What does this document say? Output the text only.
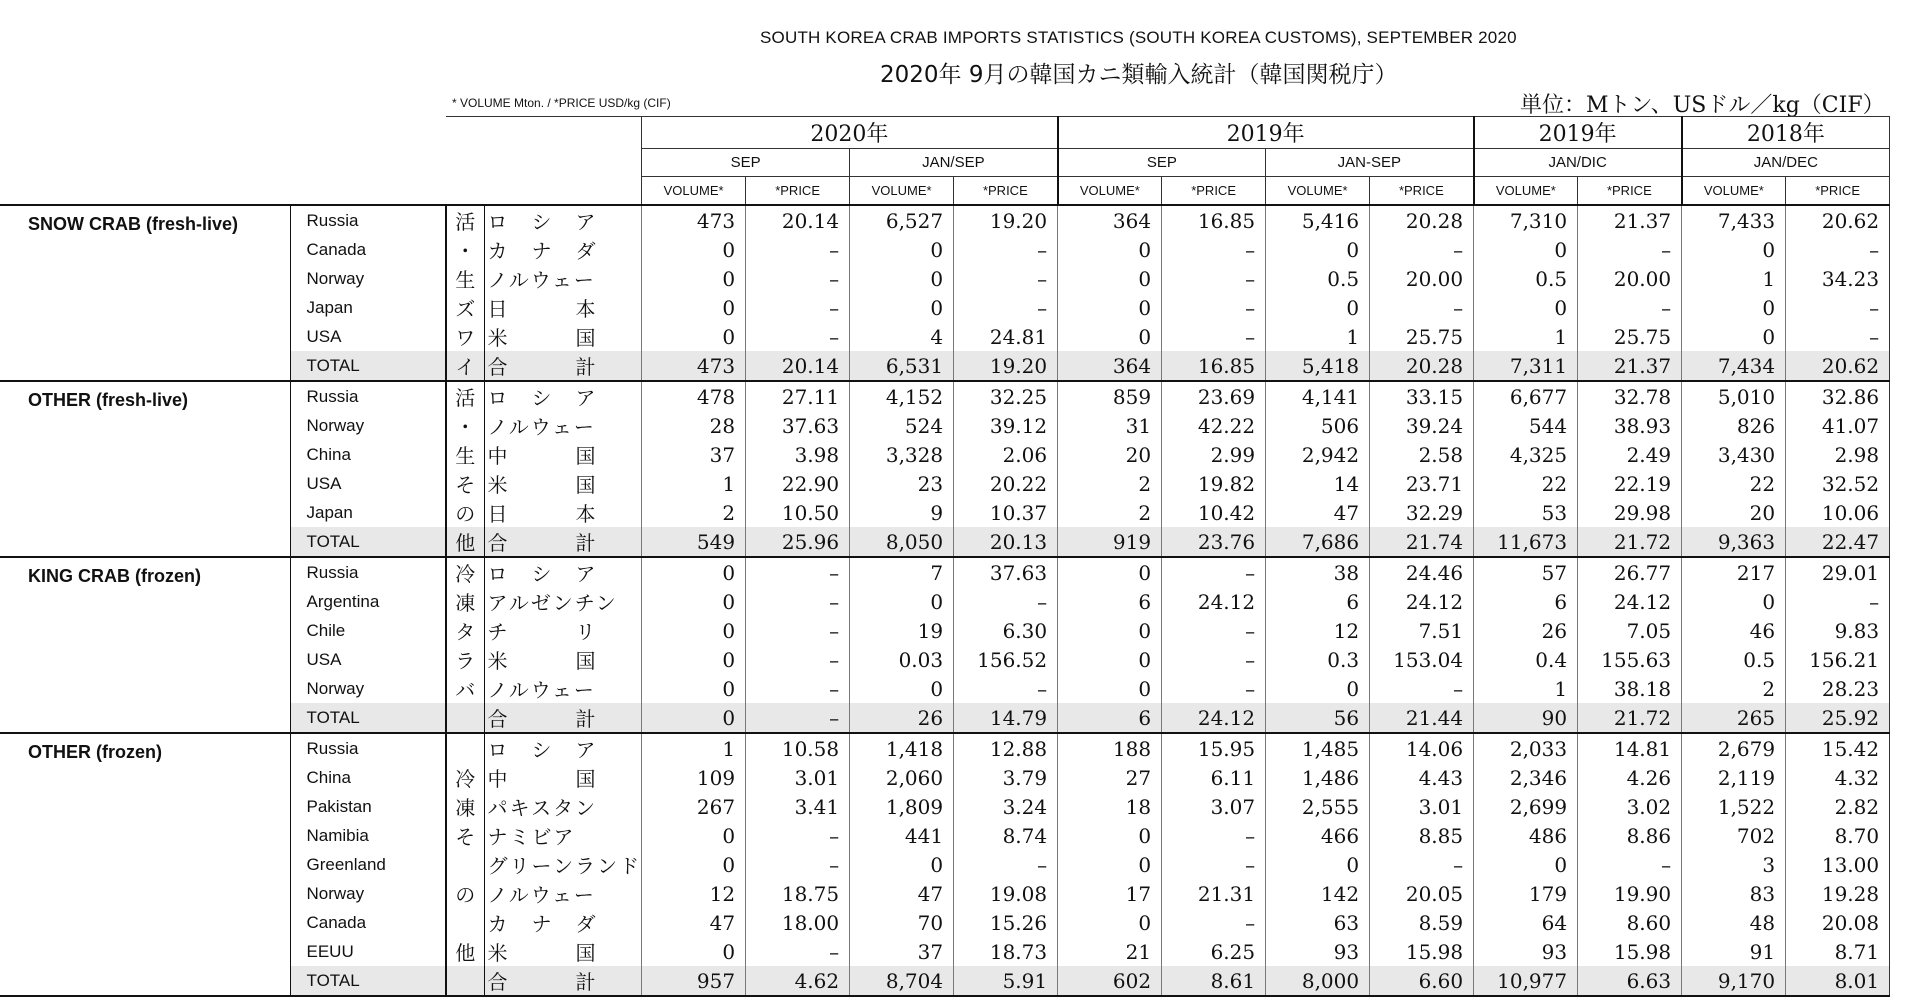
SOUTH KOREA CRAB IMPORTS STATISTICS (SOUTH KOREA CUSTOMS), SEPTEMBER 2020
2020年 9月の韓国カニ類輸入統計（韓国関税庁）
* VOLUME Mton. / *PRICE USD/kg (CIF)	単位：Mトン、USドル／kg（CIF）
				2020年				2019年				2019年		2018年	
				SEP		JAN/SEP		SEP		JAN-SEP		JAN/DIC		JAN/DEC	
				VOLUME*	*PRICE	VOLUME*	*PRICE	VOLUME*	*PRICE	VOLUME*	*PRICE	VOLUME*	*PRICE	VOLUME*	*PRICE
SNOW CRAB (fresh-live)	Russia	活	ロ　シ　ア	473	20.14	6,527	19.20	364	16.85	5,416	20.28	7,310	21.37	7,433	20.62
	Canada	・	カ　ナ　ダ	0	–	0	–	0	–	0	–	0	–	0	–
	Norway	生	ノルウェー	0	–	0	–	0	–	0.5	20.00	0.5	20.00	1	34.23
	Japan	ズ	日　　　本	0	–	0	–	0	–	0	–	0	–	0	–
	USA	ワ	米　　　国	0	–	4	24.81	0	–	1	25.75	1	25.75	0	–
	TOTAL	イ	合　　　計	473	20.14	6,531	19.20	364	16.85	5,418	20.28	7,311	21.37	7,434	20.62
OTHER (fresh-live)	Russia	活	ロ　シ　ア	478	27.11	4,152	32.25	859	23.69	4,141	33.15	6,677	32.78	5,010	32.86
	Norway	・	ノルウェー	28	37.63	524	39.12	31	42.22	506	39.24	544	38.93	826	41.07
	China	生	中　　　国	37	3.98	3,328	2.06	20	2.99	2,942	2.58	4,325	2.49	3,430	2.98
	USA	そ	米　　　国	1	22.90	23	20.22	2	19.82	14	23.71	22	22.19	22	32.52
	Japan	の	日　　　本	2	10.50	9	10.37	2	10.42	47	32.29	53	29.98	20	10.06
	TOTAL	他	合　　　計	549	25.96	8,050	20.13	919	23.76	7,686	21.74	11,673	21.72	9,363	22.47
KING CRAB (frozen)	Russia	冷	ロ　シ　ア	0	–	7	37.63	0	–	38	24.46	57	26.77	217	29.01
	Argentina	凍	アルゼンチン	0	–	0	–	6	24.12	6	24.12	6	24.12	0	–
	Chile	タ	チ　　　リ	0	–	19	6.30	0	–	12	7.51	26	7.05	46	9.83
	USA	ラ	米　　　国	0	–	0.03	156.52	0	–	0.3	153.04	0.4	155.63	0.5	156.21
	Norway	バ	ノルウェー	0	–	0	–	0	–	0	–	1	38.18	2	28.23
	TOTAL		合　　　計	0	–	26	14.79	6	24.12	56	21.44	90	21.72	265	25.92
OTHER (frozen)	Russia		ロ　シ　ア	1	10.58	1,418	12.88	188	15.95	1,485	14.06	2,033	14.81	2,679	15.42
	China	冷	中　　　国	109	3.01	2,060	3.79	27	6.11	1,486	4.43	2,346	4.26	2,119	4.32
	Pakistan	凍	パキスタン	267	3.41	1,809	3.24	18	3.07	2,555	3.01	2,699	3.02	1,522	2.82
	Namibia	そ	ナミビア	0	–	441	8.74	0	–	466	8.85	486	8.86	702	8.70
	Greenland		グリーンランド	0	–	0	–	0	–	0	–	0	–	3	13.00
	Norway	の	ノルウェー	12	18.75	47	19.08	17	21.31	142	20.05	179	19.90	83	19.28
	Canada		カ　ナ　ダ	47	18.00	70	15.26	0	–	63	8.59	64	8.60	48	20.08
	EEUU	他	米　　　国	0	–	37	18.73	21	6.25	93	15.98	93	15.98	91	8.71
	TOTAL		合　　　計	957	4.62	8,704	5.91	602	8.61	8,000	6.60	10,977	6.63	9,170	8.01
